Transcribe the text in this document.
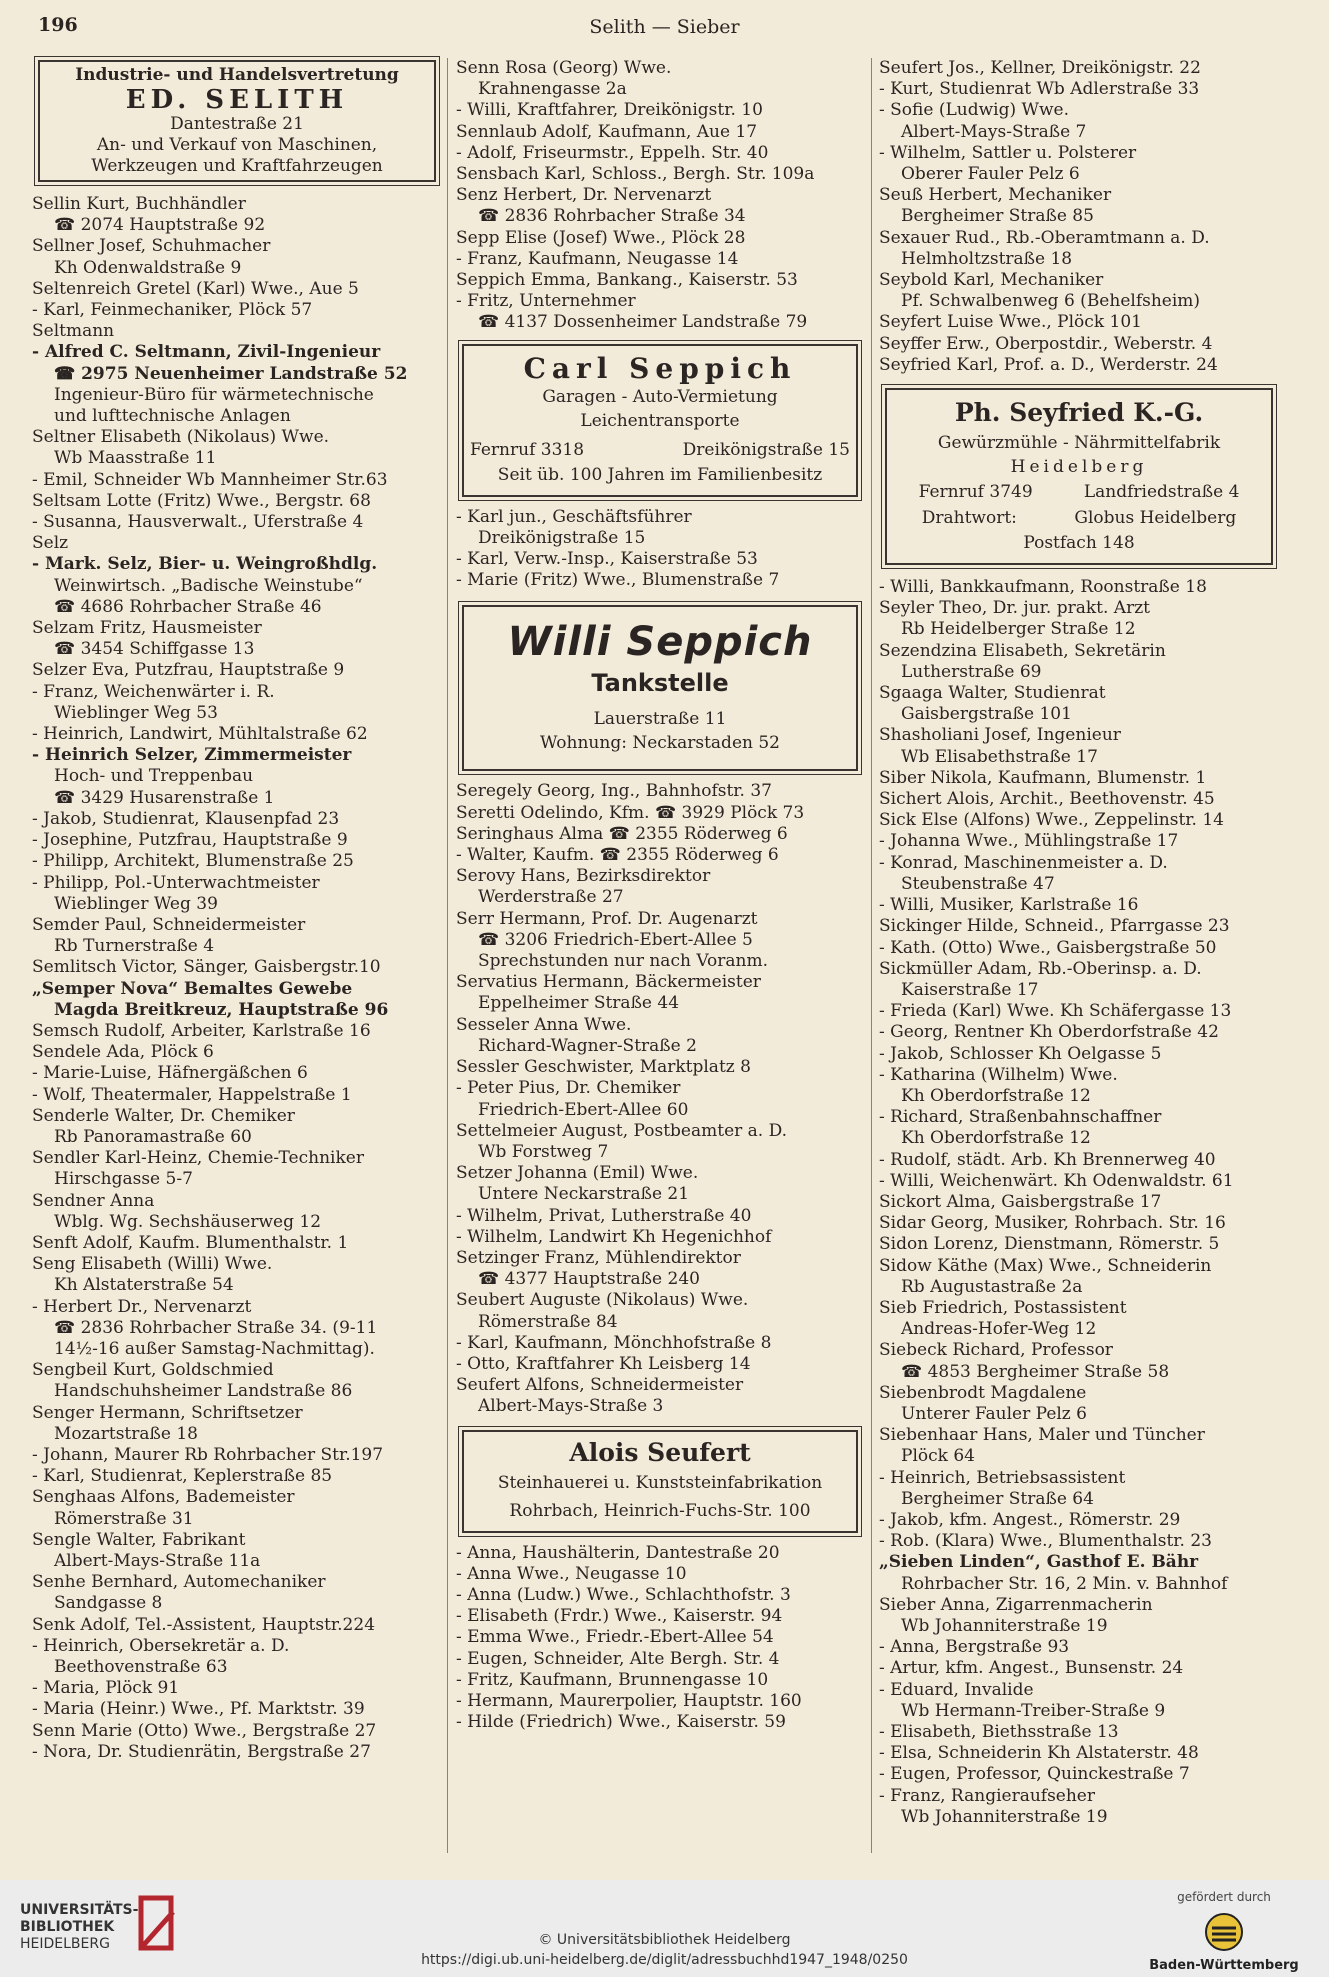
196	Selith — Sieber
Industrie- und Handelsvertretung
ED. SELITH
Dantestraße 21
An- und Verkauf von Maschinen,
Werkzeugen und Kraftfahrzeugen
Sellin Kurt, Buchhändler
☎ 2074 Hauptstraße 92
Sellner Josef, Schuhmacher
Kh Odenwaldstraße 9
Seltenreich Gretel (Karl) Wwe., Aue 5
- Karl, Feinmechaniker, Plöck 57
Seltmann
- Alfred C. Seltmann, Zivil-Ingenieur
☎ 2975 Neuenheimer Landstraße 52
Ingenieur-Büro für wärmetechnische
und lufttechnische Anlagen
Seltner Elisabeth (Nikolaus) Wwe.
Wb Maasstraße 11
- Emil, Schneider Wb Mannheimer Str.63
Seltsam Lotte (Fritz) Wwe., Bergstr. 68
- Susanna, Hausverwalt., Uferstraße 4
Selz
- Mark. Selz, Bier- u. Weingroßhdlg.
Weinwirtsch. „Badische Weinstube“
☎ 4686 Rohrbacher Straße 46
Selzam Fritz, Hausmeister
☎ 3454 Schiffgasse 13
Selzer Eva, Putzfrau, Hauptstraße 9
- Franz, Weichenwärter i. R.
Wieblinger Weg 53
- Heinrich, Landwirt, Mühltalstraße 62
- Heinrich Selzer, Zimmermeister
Hoch- und Treppenbau
☎ 3429 Husarenstraße 1
- Jakob, Studienrat, Klausenpfad 23
- Josephine, Putzfrau, Hauptstraße 9
- Philipp, Architekt, Blumenstraße 25
- Philipp, Pol.-Unterwachtmeister
Wieblinger Weg 39
Semder Paul, Schneidermeister
Rb Turnerstraße 4
Semlitsch Victor, Sänger, Gaisbergstr.10
„Semper Nova“ Bemaltes Gewebe
Magda Breitkreuz, Hauptstraße 96
Semsch Rudolf, Arbeiter, Karlstraße 16
Sendele Ada, Plöck 6
- Marie-Luise, Häfnergäßchen 6
- Wolf, Theatermaler, Happelstraße 1
Senderle Walter, Dr. Chemiker
Rb Panoramastraße 60
Sendler Karl-Heinz, Chemie-Techniker
Hirschgasse 5-7
Sendner Anna
Wblg. Wg. Sechshäuserweg 12
Senft Adolf, Kaufm. Blumenthalstr. 1
Seng Elisabeth (Willi) Wwe.
Kh Alstaterstraße 54
- Herbert Dr., Nervenarzt
☎ 2836 Rohrbacher Straße 34. (9-11
14½-16 außer Samstag-Nachmittag).
Sengbeil Kurt, Goldschmied
Handschuhsheimer Landstraße 86
Senger Hermann, Schriftsetzer
Mozartstraße 18
- Johann, Maurer Rb Rohrbacher Str.197
- Karl, Studienrat, Keplerstraße 85
Senghaas Alfons, Bademeister
Römerstraße 31
Sengle Walter, Fabrikant
Albert-Mays-Straße 11a
Senhe Bernhard, Automechaniker
Sandgasse 8
Senk Adolf, Tel.-Assistent, Hauptstr.224
- Heinrich, Obersekretär a. D.
Beethovenstraße 63
- Maria, Plöck 91
- Maria (Heinr.) Wwe., Pf. Marktstr. 39
Senn Marie (Otto) Wwe., Bergstraße 27
- Nora, Dr. Studienrätin, Bergstraße 27
Senn Rosa (Georg) Wwe.
Krahnengasse 2a
- Willi, Kraftfahrer, Dreikönigstr. 10
Sennlaub Adolf, Kaufmann, Aue 17
- Adolf, Friseurmstr., Eppelh. Str. 40
Sensbach Karl, Schloss., Bergh. Str. 109a
Senz Herbert, Dr. Nervenarzt
☎ 2836 Rohrbacher Straße 34
Sepp Elise (Josef) Wwe., Plöck 28
- Franz, Kaufmann, Neugasse 14
Seppich Emma, Bankang., Kaiserstr. 53
- Fritz, Unternehmer
☎ 4137 Dossenheimer Landstraße 79
Carl Seppich
Garagen - Auto-Vermietung
Leichentransporte
Fernruf 3318	Dreikönigstraße 15
Seit üb. 100 Jahren im Familienbesitz
- Karl jun., Geschäftsführer
Dreikönigstraße 15
- Karl, Verw.-Insp., Kaiserstraße 53
- Marie (Fritz) Wwe., Blumenstraße 7
Willi Seppich
Tankstelle
Lauerstraße 11
Wohnung: Neckarstaden 52
Seregely Georg, Ing., Bahnhofstr. 37
Seretti Odelindo, Kfm. ☎ 3929 Plöck 73
Seringhaus Alma ☎ 2355 Röderweg 6
- Walter, Kaufm. ☎ 2355 Röderweg 6
Serovy Hans, Bezirksdirektor
Werderstraße 27
Serr Hermann, Prof. Dr. Augenarzt
☎ 3206 Friedrich-Ebert-Allee 5
Sprechstunden nur nach Voranm.
Servatius Hermann, Bäckermeister
Eppelheimer Straße 44
Sesseler Anna Wwe.
Richard-Wagner-Straße 2
Sessler Geschwister, Marktplatz 8
- Peter Pius, Dr. Chemiker
Friedrich-Ebert-Allee 60
Settelmeier August, Postbeamter a. D.
Wb Forstweg 7
Setzer Johanna (Emil) Wwe.
Untere Neckarstraße 21
- Wilhelm, Privat, Lutherstraße 40
- Wilhelm, Landwirt Kh Hegenichhof
Setzinger Franz, Mühlendirektor
☎ 4377 Hauptstraße 240
Seubert Auguste (Nikolaus) Wwe.
Römerstraße 84
- Karl, Kaufmann, Mönchhofstraße 8
- Otto, Kraftfahrer Kh Leisberg 14
Seufert Alfons, Schneidermeister
Albert-Mays-Straße 3
Alois Seufert
Steinhauerei u. Kunststeinfabrikation
Rohrbach, Heinrich-Fuchs-Str. 100
- Anna, Haushälterin, Dantestraße 20
- Anna Wwe., Neugasse 10
- Anna (Ludw.) Wwe., Schlachthofstr. 3
- Elisabeth (Frdr.) Wwe., Kaiserstr. 94
- Emma Wwe., Friedr.-Ebert-Allee 54
- Eugen, Schneider, Alte Bergh. Str. 4
- Fritz, Kaufmann, Brunnengasse 10
- Hermann, Maurerpolier, Hauptstr. 160
- Hilde (Friedrich) Wwe., Kaiserstr. 59
Seufert Jos., Kellner, Dreikönigstr. 22
- Kurt, Studienrat Wb Adlerstraße 33
- Sofie (Ludwig) Wwe.
Albert-Mays-Straße 7
- Wilhelm, Sattler u. Polsterer
Oberer Fauler Pelz 6
Seuß Herbert, Mechaniker
Bergheimer Straße 85
Sexauer Rud., Rb.-Oberamtmann a. D.
Helmholtzstraße 18
Seybold Karl, Mechaniker
Pf. Schwalbenweg 6 (Behelfsheim)
Seyfert Luise Wwe., Plöck 101
Seyffer Erw., Oberpostdir., Weberstr. 4
Seyfried Karl, Prof. a. D., Werderstr. 24
Ph. Seyfried K.-G.
Gewürzmühle - Nährmittelfabrik
Heidelberg
Fernruf 3749	Landfriedstraße 4
Drahtwort:	Globus Heidelberg
Postfach 148
- Willi, Bankkaufmann, Roonstraße 18
Seyler Theo, Dr. jur. prakt. Arzt
Rb Heidelberger Straße 12
Sezendzina Elisabeth, Sekretärin
Lutherstraße 69
Sgaaga Walter, Studienrat
Gaisbergstraße 101
Shasholiani Josef, Ingenieur
Wb Elisabethstraße 17
Siber Nikola, Kaufmann, Blumenstr. 1
Sichert Alois, Archit., Beethovenstr. 45
Sick Else (Alfons) Wwe., Zeppelinstr. 14
- Johanna Wwe., Mühlingstraße 17
- Konrad, Maschinenmeister a. D.
Steubenstraße 47
- Willi, Musiker, Karlstraße 16
Sickinger Hilde, Schneid., Pfarrgasse 23
- Kath. (Otto) Wwe., Gaisbergstraße 50
Sickmüller Adam, Rb.-Oberinsp. a. D.
Kaiserstraße 17
- Frieda (Karl) Wwe. Kh Schäfergasse 13
- Georg, Rentner Kh Oberdorfstraße 42
- Jakob, Schlosser Kh Oelgasse 5
- Katharina (Wilhelm) Wwe.
Kh Oberdorfstraße 12
- Richard, Straßenbahnschaffner
Kh Oberdorfstraße 12
- Rudolf, städt. Arb. Kh Brennerweg 40
- Willi, Weichenwärt. Kh Odenwaldstr. 61
Sickort Alma, Gaisbergstraße 17
Sidar Georg, Musiker, Rohrbach. Str. 16
Sidon Lorenz, Dienstmann, Römerstr. 5
Sidow Käthe (Max) Wwe., Schneiderin
Rb Augustastraße 2a
Sieb Friedrich, Postassistent
Andreas-Hofer-Weg 12
Siebeck Richard, Professor
☎ 4853 Bergheimer Straße 58
Siebenbrodt Magdalene
Unterer Fauler Pelz 6
Siebenhaar Hans, Maler und Tüncher
Plöck 64
- Heinrich, Betriebsassistent
Bergheimer Straße 64
- Jakob, kfm. Angest., Römerstr. 29
- Rob. (Klara) Wwe., Blumenthalstr. 23
„Sieben Linden“, Gasthof E. Bähr
Rohrbacher Str. 16, 2 Min. v. Bahnhof
Sieber Anna, Zigarrenmacherin
Wb Johanniterstraße 19
- Anna, Bergstraße 93
- Artur, kfm. Angest., Bunsenstr. 24
- Eduard, Invalide
Wb Hermann-Treiber-Straße 9
- Elisabeth, Biethsstraße 13
- Elsa, Schneiderin Kh Alstaterstr. 48
- Eugen, Professor, Quinckestraße 7
- Franz, Rangieraufseher
Wb Johanniterstraße 19
UNIVERSITÄTS-
BIBLIOTHEK
HEIDELBERG	© Universitätsbibliothek Heidelberg
https://digi.ub.uni-heidelberg.de/diglit/adressbuchhd1947_1948/0250
gefördert durch
Baden-Württemberg
